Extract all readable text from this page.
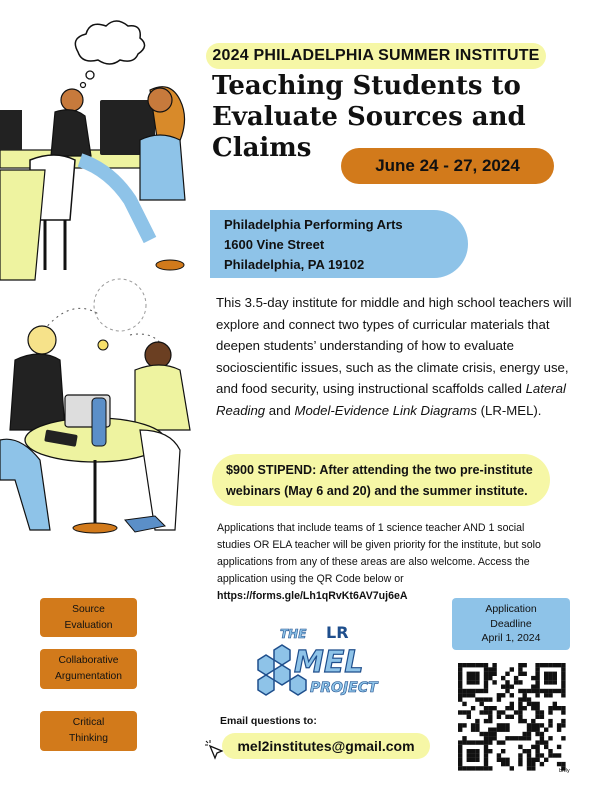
2024 PHILADELPHIA SUMMER INSTITUTE
Teaching Students to
Evaluate Sources and
Claims
June 24 - 27, 2024
Philadelphia Performing Arts
1600 Vine Street
Philadelphia, PA 19102
This 3.5-day institute for middle and high school teachers will explore and connect two types of curricular materials that deepen students’ understanding of how to evaluate socioscientific issues, such as the climate crisis, energy use, and food security, using instructional scaffolds called Lateral Reading and Model-Evidence Link Diagrams (LR-MEL).
$900 STIPEND: After attending the two pre-institute webinars (May 6 and 20) and the summer institute.
Applications that include teams of 1 science teacher AND 1 social studies OR ELA teacher will be given priority for the institute, but solo applications from any of these areas are also welcome. Access the application using the QR Code below or https://forms.gle/Lh1qRvKt6AV7uj6eA
Source Evaluation
Collaborative Argumentation
Critical Thinking
Application
Deadline
April 1, 2024
THE LR
MEL
PROJECT
Email questions to:
mel2institutes@gmail.com
bitly
